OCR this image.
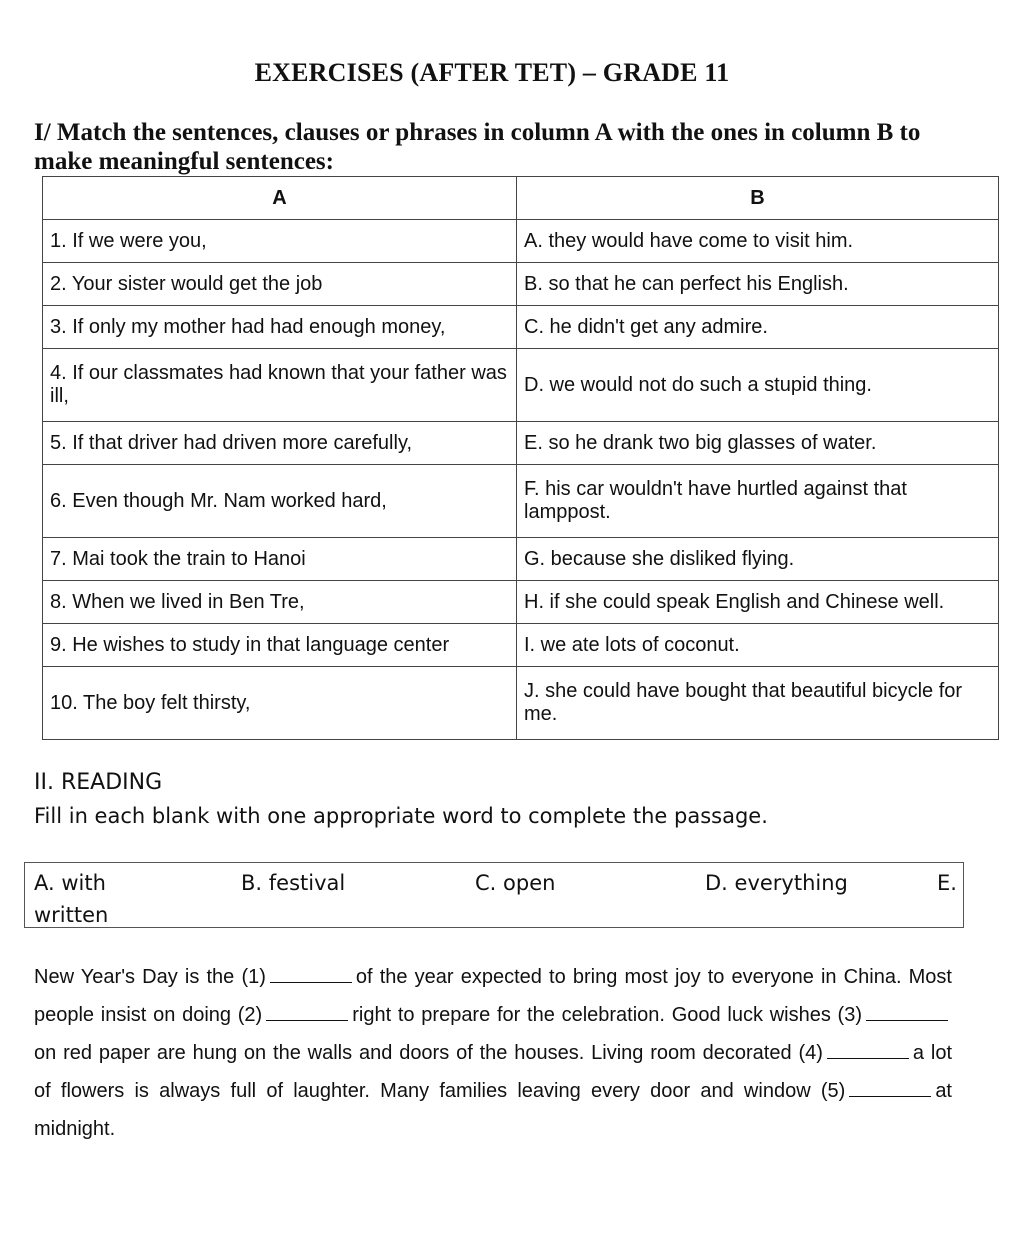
EXERCISES (AFTER TET) – GRADE 11
I/ Match the sentences, clauses or phrases in column A with the ones in column B to make meaningful sentences:
A	B
1. If we were you,	A. they would have come to visit him.
2. Your sister would get the job	B. so that he can perfect his English.
3. If only my mother had had enough money,	C. he didn't get any admire.
4. If our classmates had known that your father was ill,	D. we would not do such a stupid thing.
5. If that driver had driven more carefully,	E. so he drank two big glasses of water.
6. Even though Mr. Nam worked hard,	F. his car wouldn't have hurtled against that lamppost.
7. Mai took the train to Hanoi	G. because she disliked flying.
8. When we lived in Ben Tre,	H. if she could speak English and Chinese well.
9. He wishes to study in that language center	I. we ate lots of coconut.
10. The boy felt thirsty,	J. she could have bought that beautiful bicycle for me.
II. READING
Fill in each blank with one appropriate word to complete the passage.
A. with	B. festival	C. open	D. everything	E.
written
New Year's Day is the (1)	of the year expected to bring most joy to everyone in China. Most people insist on doing (2)	right to prepare for the celebration. Good luck wishes (3)on red paper are hung on the walls and doors of the houses. Living room decorated (4)	a lot of flowers is always full of laughter. Many families leaving every door and window (5)	at midnight.
